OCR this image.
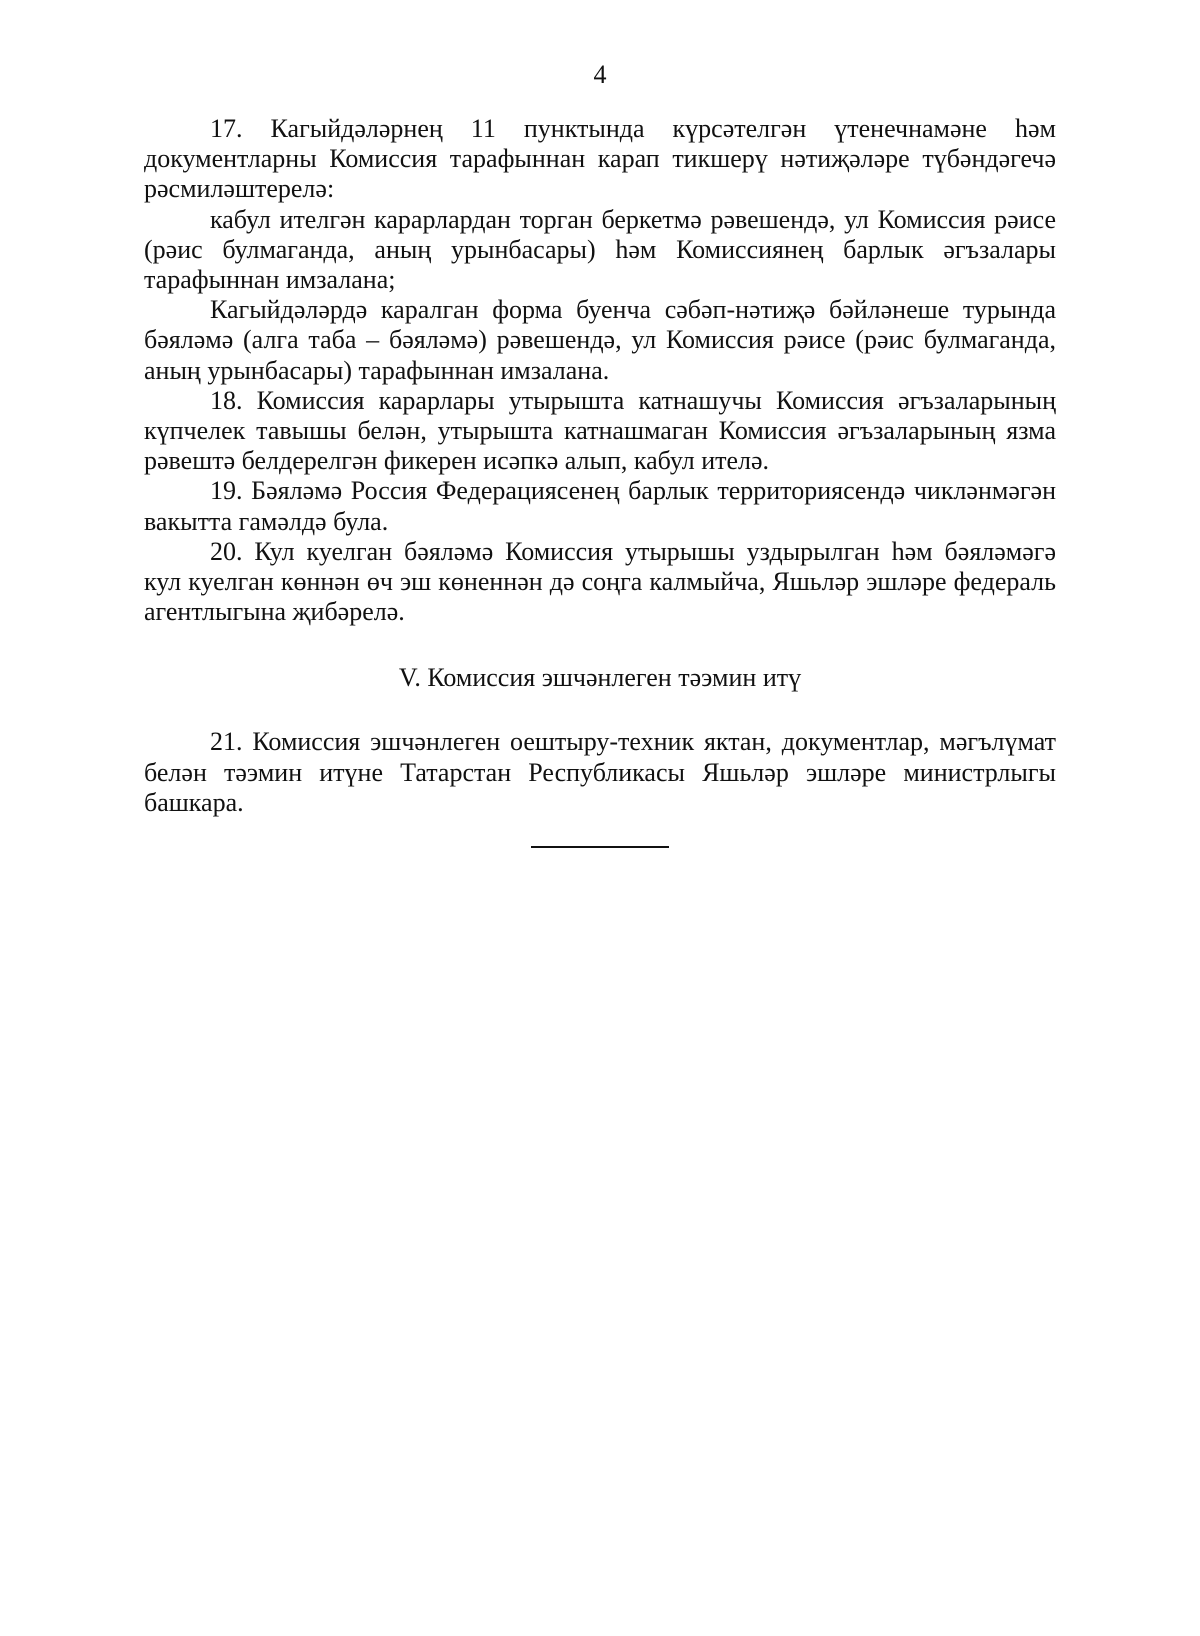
4

17. Кагыйдәләрнең 11 пунктында күрсәтелгән үтенечнамәне һәм документларны Комиссия тарафыннан карап тикшерү нәтиҗәләре түбәндәгечә рәсмиләштерелә:

кабул ителгән карарлардан торган беркетмә рәвешендә, ул Комиссия рәисе (рәис булмаганда, аның урынбасары) һәм Комиссиянең барлык әгъзалары тарафыннан имзалана;

Кагыйдәләрдә каралган форма буенча сәбәп-нәтиҗә бәйләнеше турында бәяләмә (алга таба – бәяләмә) рәвешендә, ул Комиссия рәисе (рәис булмаганда, аның урынбасары) тарафыннан имзалана.

18. Комиссия карарлары утырышта катнашучы Комиссия әгъзаларының күпчелек тавышы белән, утырышта катнашмаган Комиссия әгъзаларының язма рәвештә белдерелгән фикерен исәпкә алып, кабул ителә.

19. Бәяләмә Россия Федерациясенең барлык территориясендә чикләнмәгән вакытта гамәлдә була.

20. Кул куелган бәяләмә Комиссия утырышы уздырылган һәм бәяләмәгә кул куелган көннән өч эш көненнән дә соңга калмыйча, Яшьләр эшләре федераль агентлыгына җибәрелә.

V. Комиссия эшчәнлеген тәэмин итү

21. Комиссия эшчәнлеген оештыру-техник яктан, документлар, мәгълүмат белән тәэмин итүне Татарстан Республикасы Яшьләр эшләре министрлыгы башкара.
